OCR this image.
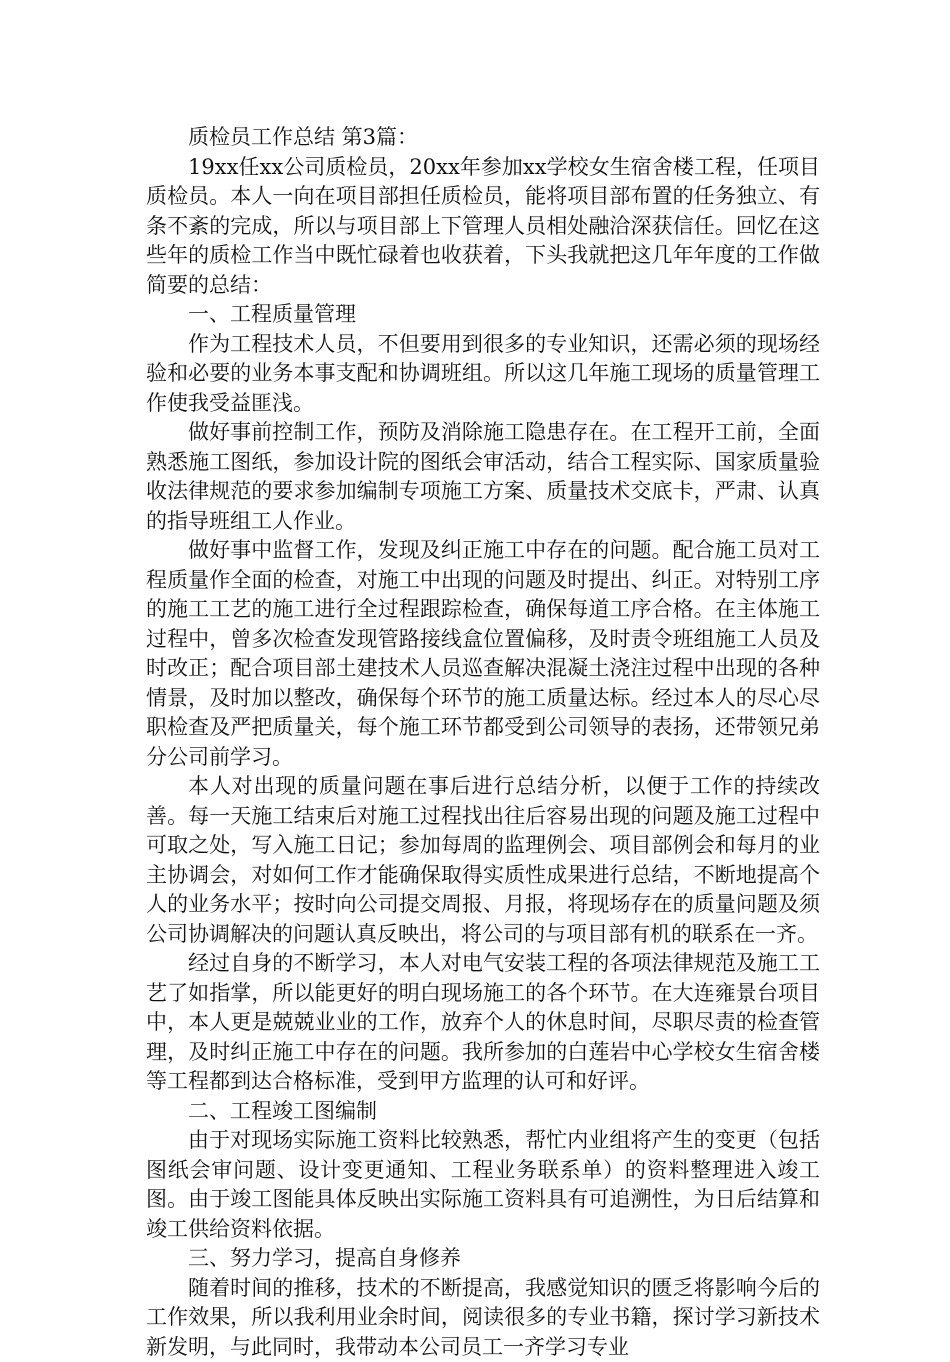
质检员工作总结 第3篇：

19xx任xx公司质检员，20xx年参加xx学校女生宿舍楼工程，任项目质检员。本人一向在项目部担任质检员，能将项目部布置的任务独立、有条不紊的完成，所以与项目部上下管理人员相处融洽深获信任。回忆在这些年的质检工作当中既忙碌着也收获着，下头我就把这几年年度的工作做简要的总结：

一、工程质量管理

作为工程技术人员，不但要用到很多的专业知识，还需必须的现场经验和必要的业务本事支配和协调班组。所以这几年施工现场的质量管理工作使我受益匪浅。

做好事前控制工作，预防及消除施工隐患存在。在工程开工前，全面熟悉施工图纸，参加设计院的图纸会审活动，结合工程实际、国家质量验收法律规范的要求参加编制专项施工方案、质量技术交底卡，严肃、认真的指导班组工人作业。

做好事中监督工作，发现及纠正施工中存在的问题。配合施工员对工程质量作全面的检查，对施工中出现的问题及时提出、纠正。对特别工序的施工工艺的施工进行全过程跟踪检查，确保每道工序合格。在主体施工过程中，曾多次检查发现管路接线盒位置偏移，及时责令班组施工人员及时改正；配合项目部土建技术人员巡查解决混凝土浇注过程中出现的各种情景，及时加以整改，确保每个环节的施工质量达标。经过本人的尽心尽职检查及严把质量关，每个施工环节都受到公司领导的表扬，还带领兄弟分公司前学习。

本人对出现的质量问题在事后进行总结分析，以便于工作的持续改善。每一天施工结束后对施工过程找出往后容易出现的问题及施工过程中可取之处，写入施工日记；参加每周的监理例会、项目部例会和每月的业主协调会，对如何工作才能确保取得实质性成果进行总结，不断地提高个人的业务水平；按时向公司提交周报、月报，将现场存在的质量问题及须公司协调解决的问题认真反映出，将公司的与项目部有机的联系在一齐。

经过自身的不断学习，本人对电气安装工程的各项法律规范及施工工艺了如指掌，所以能更好的明白现场施工的各个环节。在大连雍景台项目中，本人更是兢兢业业的工作，放弃个人的休息时间，尽职尽责的检查管理，及时纠正施工中存在的问题。我所参加的白莲岩中心学校女生宿舍楼等工程都到达合格标准，受到甲方监理的认可和好评。

二、工程竣工图编制

由于对现场实际施工资料比较熟悉，帮忙内业组将产生的变更（包括图纸会审问题、设计变更通知、工程业务联系单）的资料整理进入竣工图。由于竣工图能具体反映出实际施工资料具有可追溯性，为日后结算和竣工供给资料依据。

三、努力学习，提高自身修养

随着时间的推移，技术的不断提高，我感觉知识的匮乏将影响今后的工作效果，所以我利用业余时间，阅读很多的专业书籍，探讨学习新技术新发明，与此同时，我带动本公司员工一齐学习专业
